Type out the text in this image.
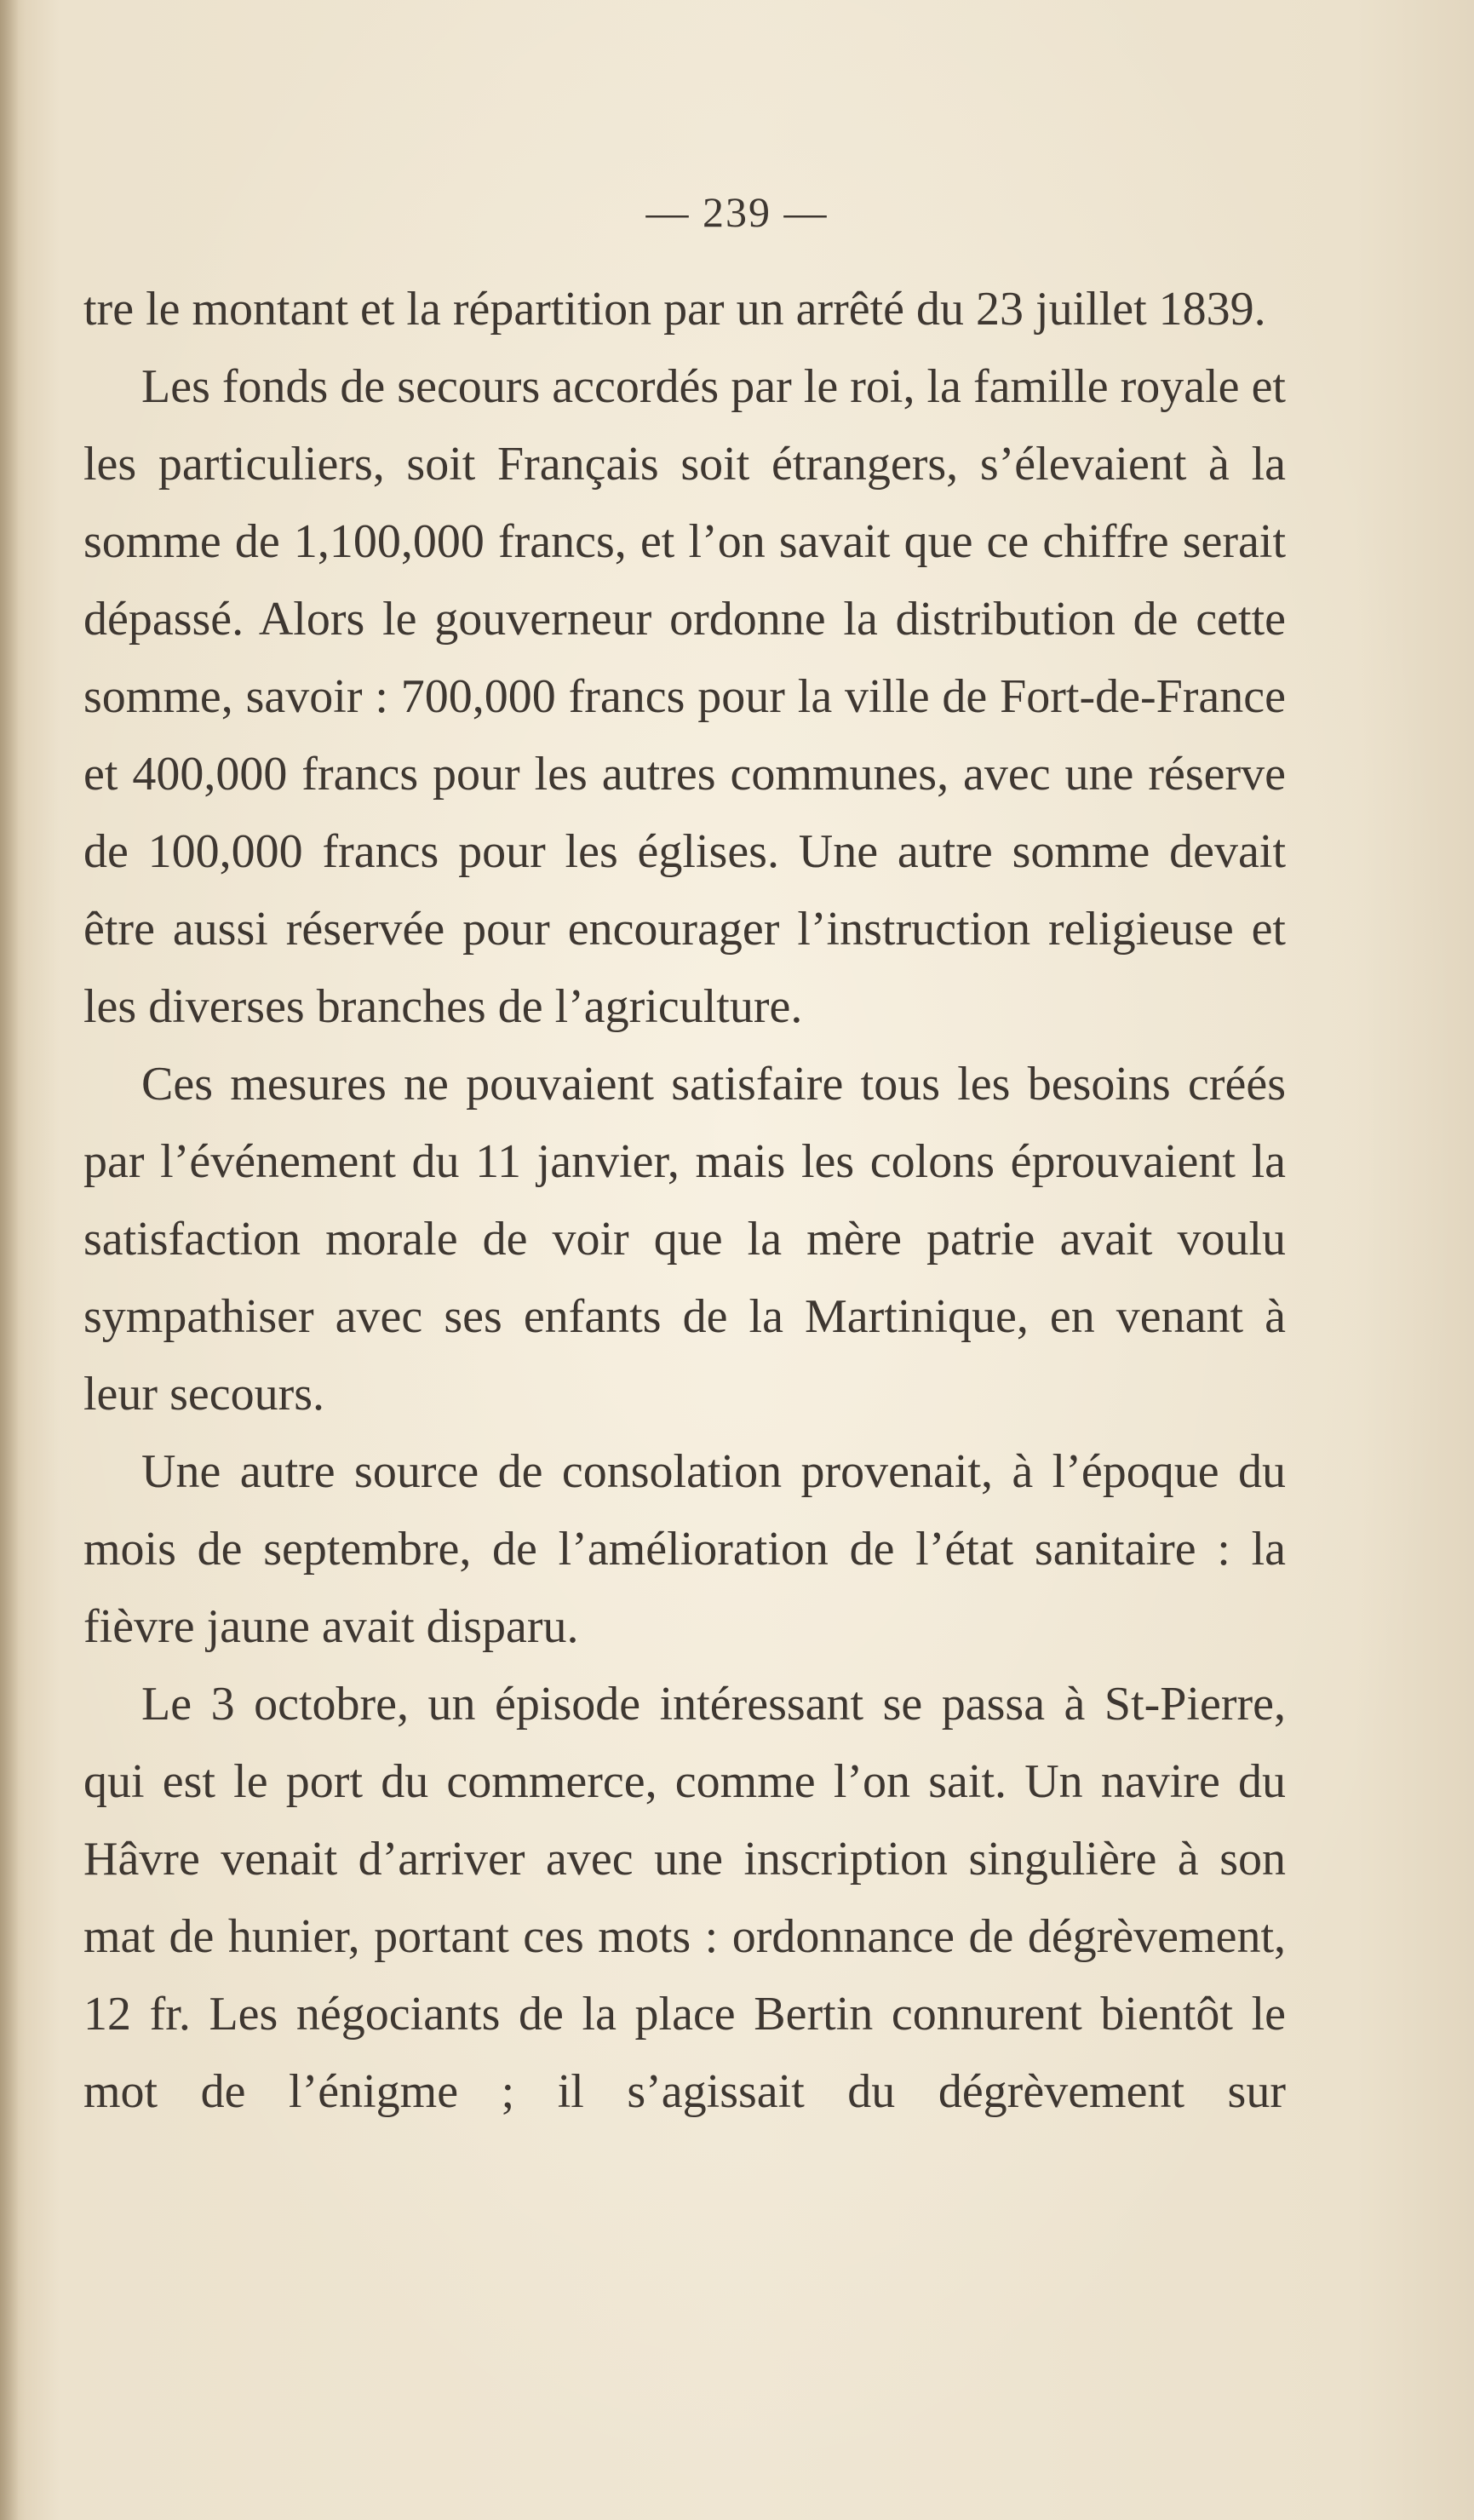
— 239 —

tre le montant et la répartition par un arrêté du 23 juillet 1839.

Les fonds de secours accordés par le roi, la famille royale et les particuliers, soit Français soit étrangers, s’élevaient à la somme de 1,100,000 francs, et l’on savait que ce chiffre serait dépassé. Alors le gouverneur ordonne la distribution de cette somme, savoir : 700,000 francs pour la ville de Fort-de-France et 400,000 francs pour les autres communes, avec une réserve de 100,000 francs pour les églises. Une autre somme devait être aussi réservée pour encourager l’instruction religieuse et les diverses branches de l’agriculture.

Ces mesures ne pouvaient satisfaire tous les besoins créés par l’événement du 11 janvier, mais les colons éprouvaient la satisfaction morale de voir que la mère patrie avait voulu sympathiser avec ses enfants de la Martinique, en venant à leur secours.

Une autre source de consolation provenait, à l’époque du mois de septembre, de l’amélioration de l’état sanitaire : la fièvre jaune avait disparu.

Le 3 octobre, un épisode intéressant se passa à St-Pierre, qui est le port du commerce, comme l’on sait. Un navire du Hâvre venait d’arriver avec une inscription singulière à son mat de hunier, portant ces mots : ordonnance de dégrèvement, 12 fr. Les négociants de la place Bertin connurent bientôt le mot de l’énigme ; il s’agissait du dégrèvement sur
